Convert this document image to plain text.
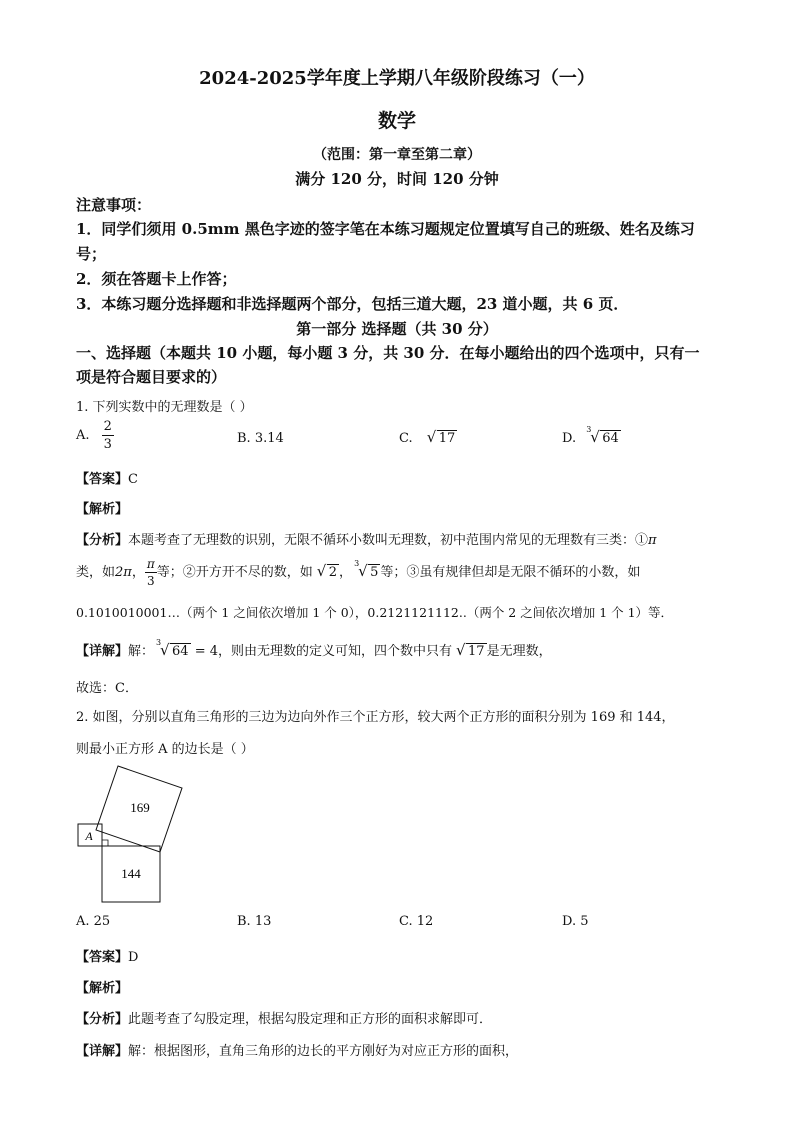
2024-2025学年度上学期八年级阶段练习（一）
数学
（范围：第一章至第二章）
满分 120 分，时间 120 分钟
注意事项：
1．同学们须用 0.5mm 黑色字迹的签字笔在本练习题规定位置填写自己的班级、姓名及练习
号；
2．须在答题卡上作答；
3．本练习题分选择题和非选择题两个部分，包括三道大题，23 道小题，共 6 页．
第一部分 选择题（共 30 分）
一、选择题（本题共 10 小题，每小题 3 分，共 30 分．在每小题给出的四个选项中，只有一
项是符合题目要求的）
1. 下列实数中的无理数是（ ）
A. $\frac{2}{3}$	B. 3.14	C. √ 17	D.
3
√ 64
【答案】C
【解析】
【分析】本题考查了无理数的识别，无限不循环小数叫无理数，初中范围内常见的无理数有三类：①π
类，如2π， $\frac{\pi}{3}$ 等；②开方开不尽的数，如 √ 2 ，
3
√ 5 等；③虽有规律但却是无限不循环的小数，如
0.1010010001…（两个 1 之间依次增加 1 个 0），0.2121121112..（两个 2 之间依次增加 1 个 1）等．
【详解】解：
3
√ 64 = 4，则由无理数的定义可知，四个数中只有 √ 17 是无理数，
故选：C．
2. 如图，分别以直角三角形的三边为边向外作三个正方形，较大两个正方形的面积分别为 169 和 144，
则最小正方形 A 的边长是（ ）
169
144
A
A. 25	B. 13	C. 12	D. 5
【答案】D
【解析】
【分析】此题考查了勾股定理，根据勾股定理和正方形的面积求解即可．
【详解】解：根据图形，直角三角形的边长的平方刚好为对应正方形的面积，
